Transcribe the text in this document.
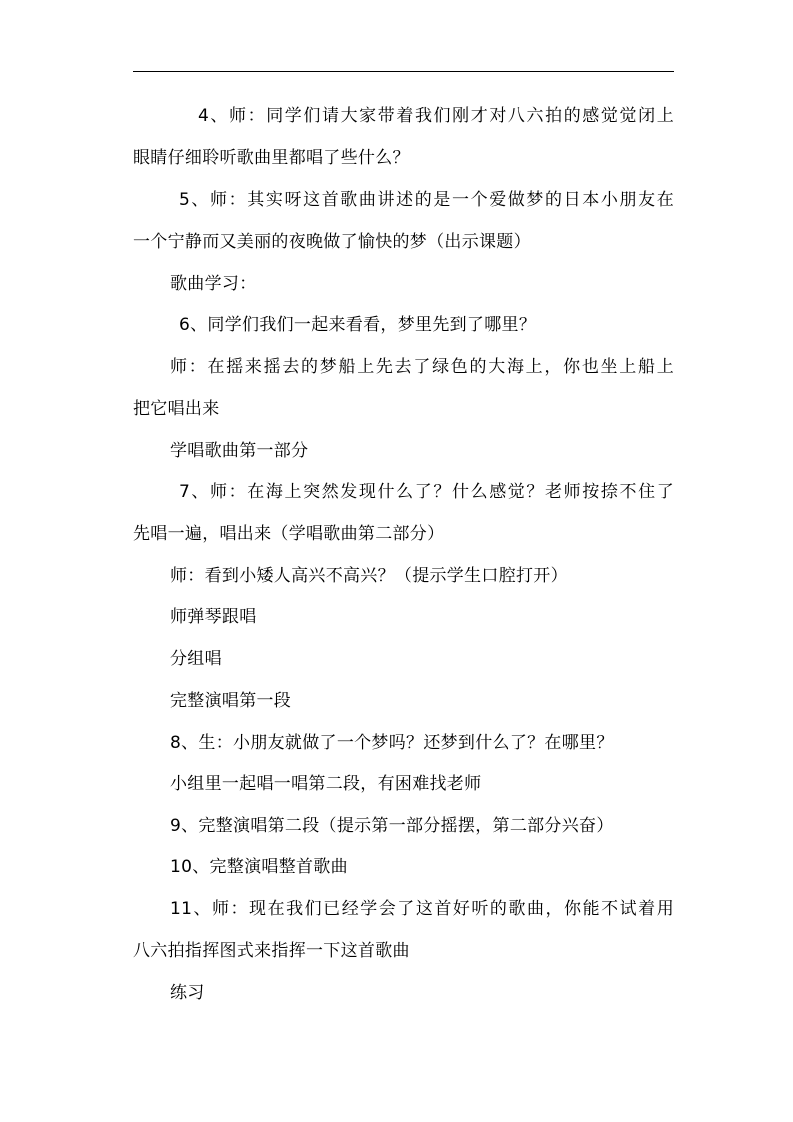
4、师：同学们请大家带着我们刚才对八六拍的感觉觉闭上
眼睛仔细聆听歌曲里都唱了些什么？
5、师：其实呀这首歌曲讲述的是一个爱做梦的日本小朋友在
一个宁静而又美丽的夜晚做了愉快的梦（出示课题）
歌曲学习：
6、同学们我们一起来看看，梦里先到了哪里？
师：在摇来摇去的梦船上先去了绿色的大海上，你也坐上船上
把它唱出来
学唱歌曲第一部分
7、师：在海上突然发现什么了？什么感觉？老师按捺不住了
先唱一遍，唱出来（学唱歌曲第二部分）
师：看到小矮人高兴不高兴？（提示学生口腔打开）
师弹琴跟唱
分组唱
完整演唱第一段
8、生：小朋友就做了一个梦吗？还梦到什么了？在哪里？
小组里一起唱一唱第二段，有困难找老师
9、完整演唱第二段（提示第一部分摇摆，第二部分兴奋）
10、完整演唱整首歌曲
11、师：现在我们已经学会了这首好听的歌曲，你能不试着用
八六拍指挥图式来指挥一下这首歌曲
练习
